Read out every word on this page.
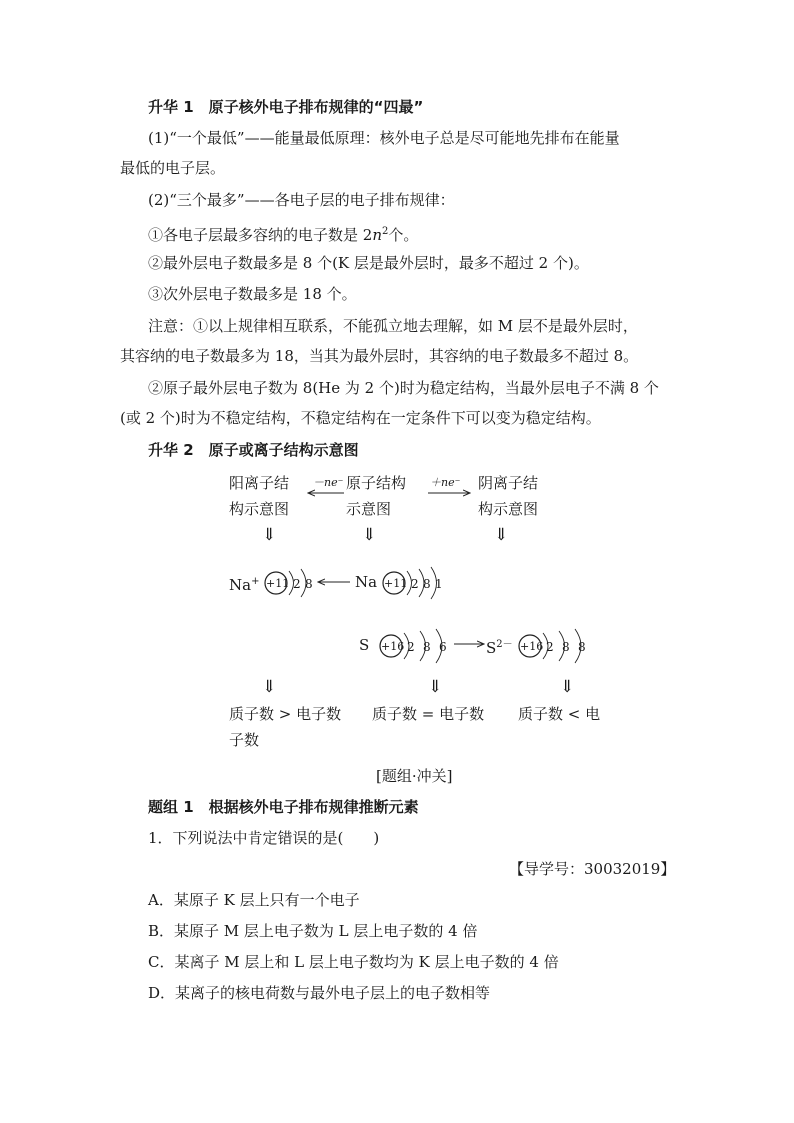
升华 1　原子核外电子排布规律的“四最”
(1)“一个最低”——能量最低原理：核外电子总是尽可能地先排布在能量
最低的电子层。
(2)“三个最多”——各电子层的电子排布规律：
①各电子层最多容纳的电子数是 $2n^2$个。
②最外层电子数最多是 8 个(K 层是最外层时，最多不超过 2 个)。
③次外层电子数最多是 18 个。
注意：①以上规律相互联系，不能孤立地去理解，如 M 层不是最外层时，
其容纳的电子数最多为 18，当其为最外层时，其容纳的电子数最多不超过 8。
②原子最外层电子数为 8(He 为 2 个)时为稳定结构，当最外层电子不满 8 个
(或 2 个)时为不稳定结构，不稳定结构在一定条件下可以变为稳定结构。
升华 2　原子或离子结构示意图
阳离子结
构示意图
原子结构
示意图
阴离子结
构示意图
－ne⁻	＋ne⁻
⇓	⇓	⇓
Na+ +11 2 8	Na +11 2 8 1
S +16 2 8 6	$S^{2-} +16$ 2 8 8
⇓	⇓	⇓
质子数 > 电子数
子数
质子数 = 电子数 质子数 < 电
[题组·冲关]
题组 1　根据核外电子排布规律推断元素
1．下列说法中肯定错误的是(　　)
【导学号：30032019】
A．某原子 K 层上只有一个电子
B．某原子 M 层上电子数为 L 层上电子数的 4 倍
C．某离子 M 层上和 L 层上电子数均为 K 层上电子数的 4 倍
D．某离子的核电荷数与最外电子层上的电子数相等
